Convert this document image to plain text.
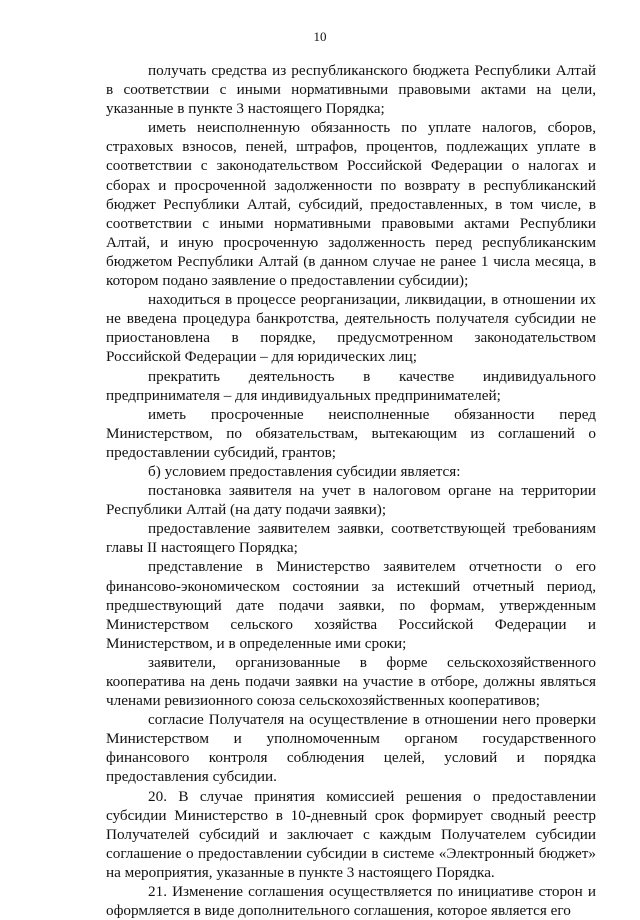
10

получать средства из республиканского бюджета Республики Алтай в соответствии с иными нормативными правовыми актами на цели, указанные в пункте 3 настоящего Порядка;

иметь неисполненную обязанность по уплате налогов, сборов, страховых взносов, пеней, штрафов, процентов, подлежащих уплате в соответствии с законодательством Российской Федерации о налогах и сборах и просроченной задолженности по возврату в республиканский бюджет Республики Алтай, субсидий, предоставленных, в том числе, в соответствии с иными нормативными правовыми актами Республики Алтай, и иную просроченную задолженность перед республиканским бюджетом Республики Алтай (в данном случае не ранее 1 числа месяца, в котором подано заявление о предоставлении субсидии);

находиться в процессе реорганизации, ликвидации, в отношении их не введена процедура банкротства, деятельность получателя субсидии не приостановлена в порядке, предусмотренном законодательством Российской Федерации – для юридических лиц;

прекратить деятельность в качестве индивидуального предпринимателя – для индивидуальных предпринимателей;

иметь просроченные неисполненные обязанности перед Министерством, по обязательствам, вытекающим из соглашений о предоставлении субсидий, грантов;

б) условием предоставления субсидии является:

постановка заявителя на учет в налоговом органе на территории Республики Алтай (на дату подачи заявки);

предоставление заявителем заявки, соответствующей требованиям главы II настоящего Порядка;

представление в Министерство заявителем отчетности о его финансово-экономическом состоянии за истекший отчетный период, предшествующий дате подачи заявки, по формам, утвержденным Министерством сельского хозяйства Российской Федерации и Министерством, и в определенные ими сроки;

заявители, организованные в форме сельскохозяйственного кооператива на день подачи заявки на участие в отборе, должны являться членами ревизионного союза сельскохозяйственных кооперативов;

согласие Получателя на осуществление в отношении него проверки Министерством и уполномоченным органом государственного финансового контроля соблюдения целей, условий и порядка предоставления субсидии.

20. В случае принятия комиссией решения о предоставлении субсидии Министерство в 10-дневный срок формирует сводный реестр Получателей субсидий и заключает с каждым Получателем субсидии соглашение о предоставлении субсидии в системе «Электронный бюджет» на мероприятия, указанные в пункте 3 настоящего Порядка.

21. Изменение соглашения осуществляется по инициативе сторон и оформляется в виде дополнительного соглашения, которое является его
